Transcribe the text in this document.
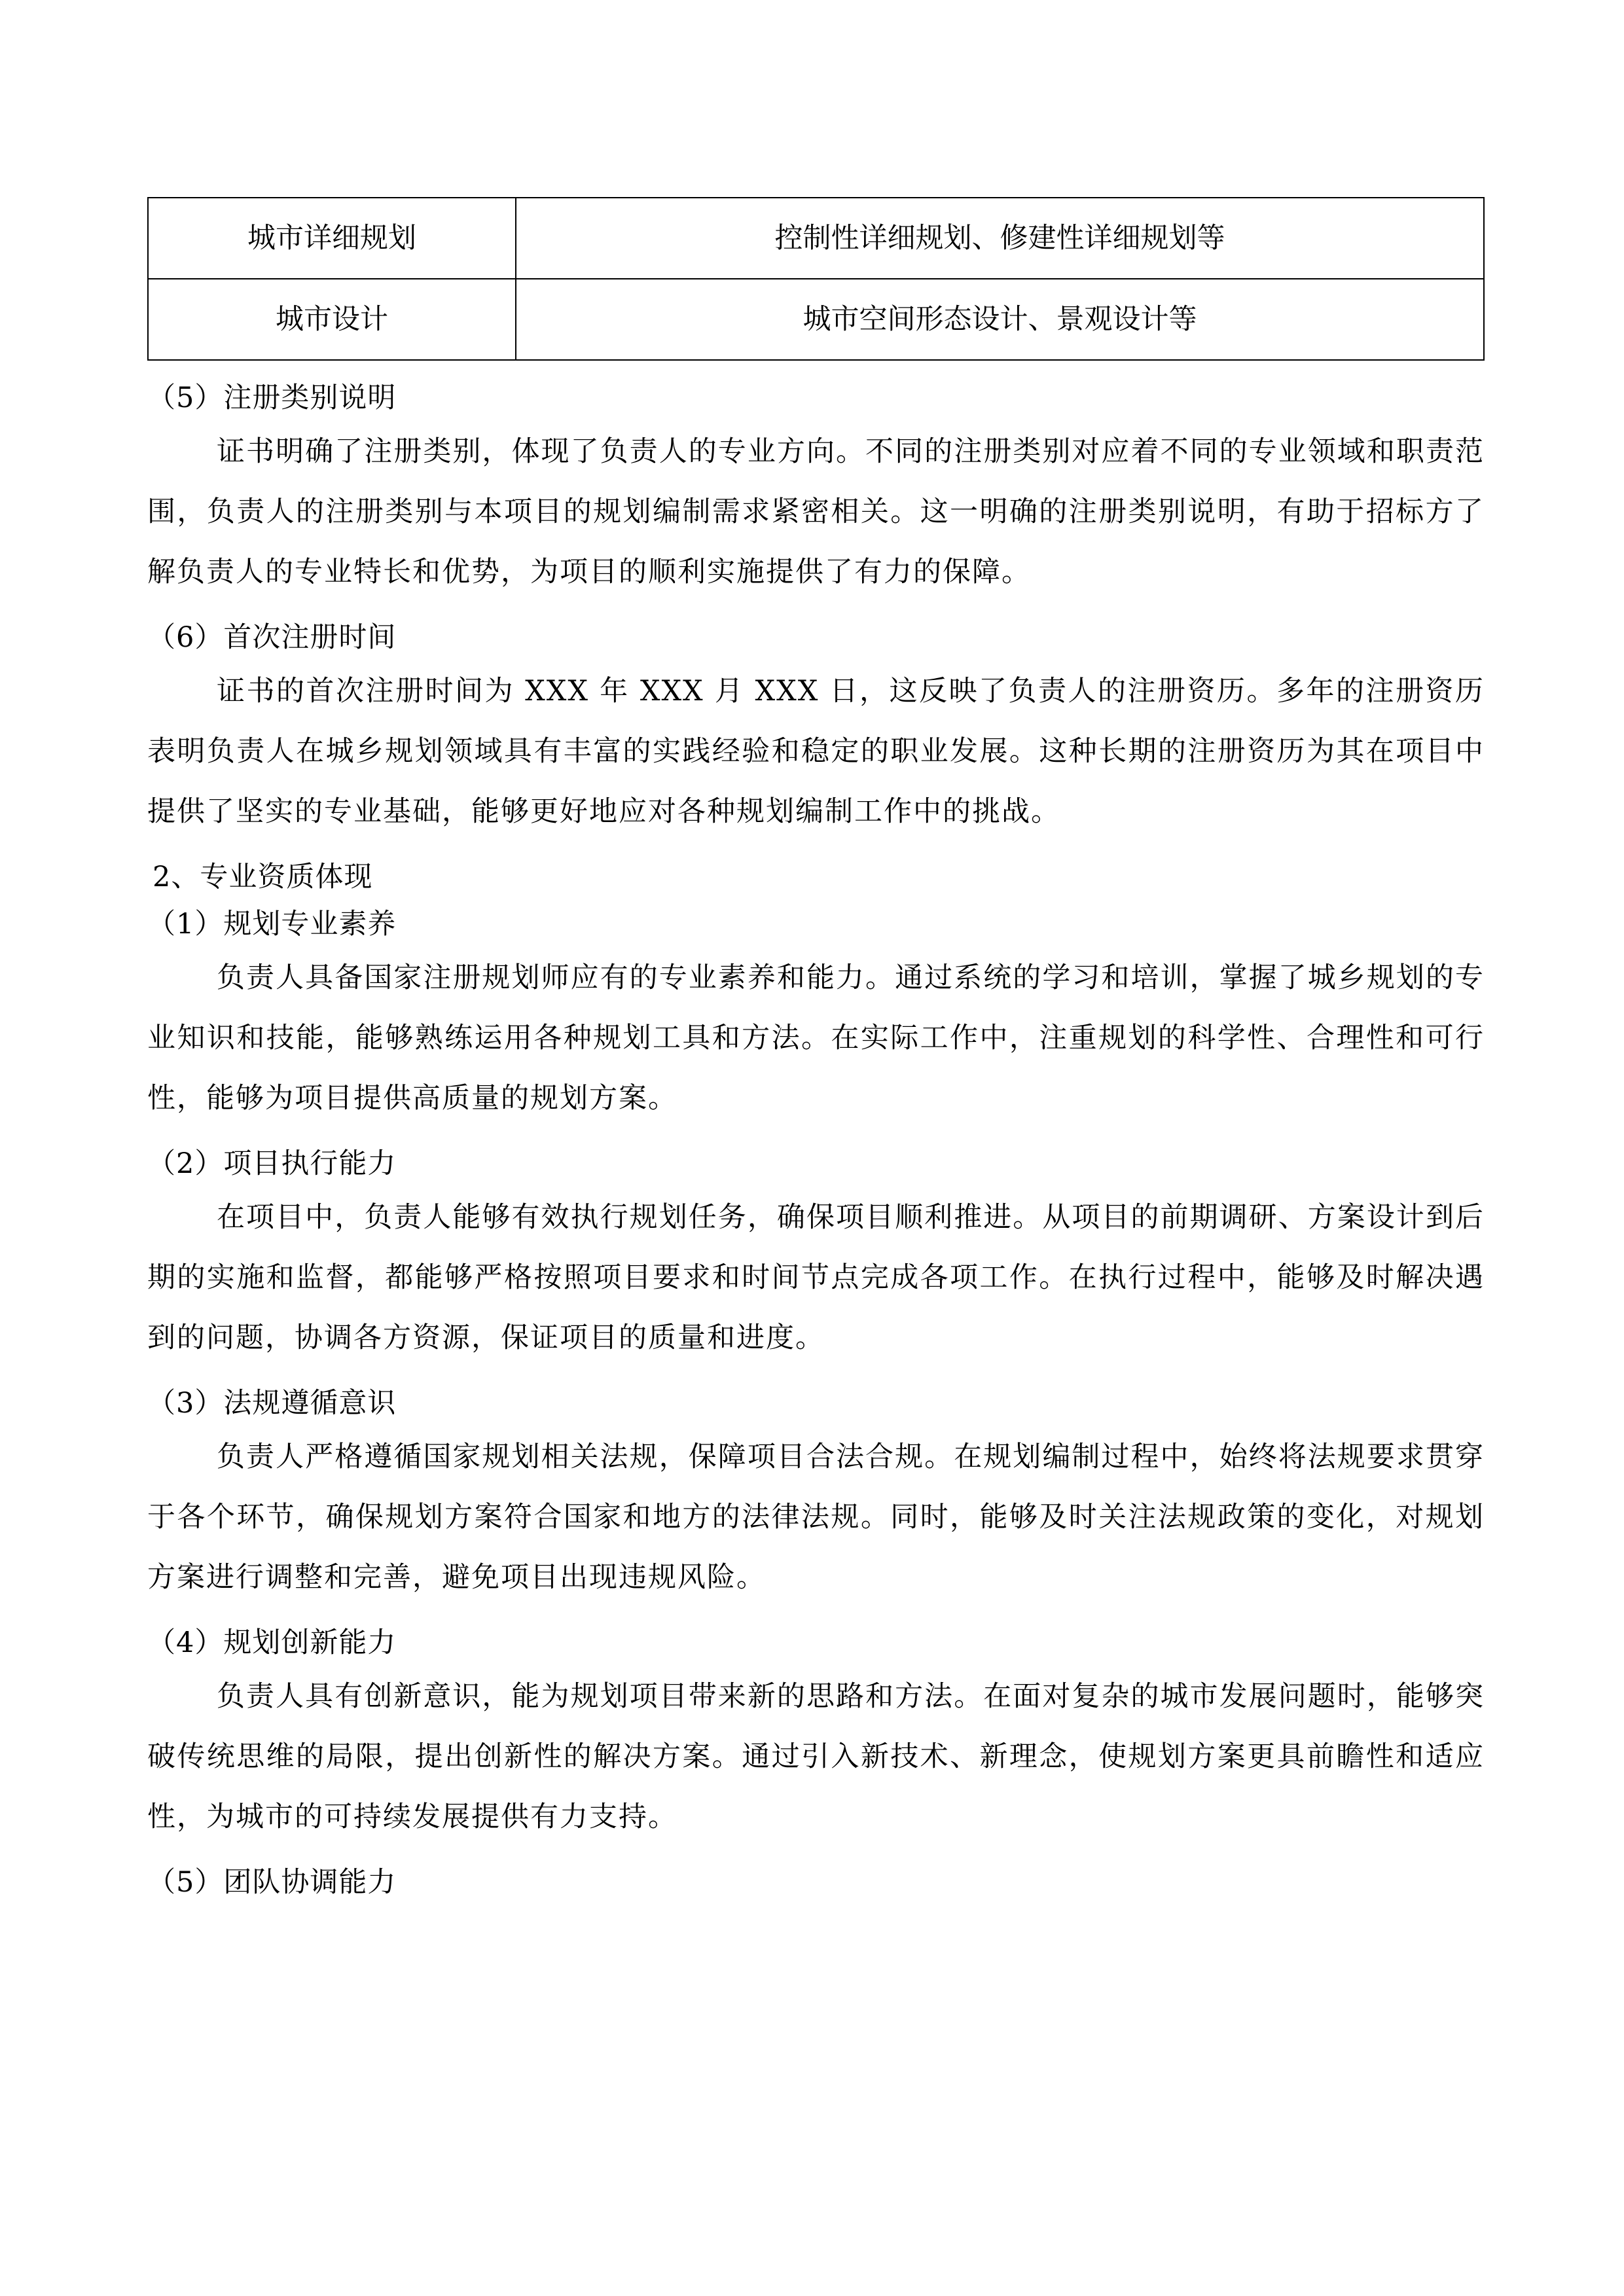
城市详细规划	控制性详细规划、修建性详细规划等
城市设计	城市空间形态设计、景观设计等
（5）注册类别说明

证书明确了注册类别，体现了负责人的专业方向。不同的注册类别对应着不同的专业领域和职责范围，负责人的注册类别与本项目的规划编制需求紧密相关。这一明确的注册类别说明，有助于招标方了解负责人的专业特长和优势，为项目的顺利实施提供了有力的保障。

（6）首次注册时间

证书的首次注册时间为 XXX 年 XXX 月 XXX 日，这反映了负责人的注册资历。多年的注册资历表明负责人在城乡规划领域具有丰富的实践经验和稳定的职业发展。这种长期的注册资历为其在项目中提供了坚实的专业基础，能够更好地应对各种规划编制工作中的挑战。

2、专业资质体现
（1）规划专业素养

负责人具备国家注册规划师应有的专业素养和能力。通过系统的学习和培训，掌握了城乡规划的专业知识和技能，能够熟练运用各种规划工具和方法。在实际工作中，注重规划的科学性、合理性和可行性，能够为项目提供高质量的规划方案。

（2）项目执行能力

在项目中，负责人能够有效执行规划任务，确保项目顺利推进。从项目的前期调研、方案设计到后期的实施和监督，都能够严格按照项目要求和时间节点完成各项工作。在执行过程中，能够及时解决遇到的问题，协调各方资源，保证项目的质量和进度。

（3）法规遵循意识

负责人严格遵循国家规划相关法规，保障项目合法合规。在规划编制过程中，始终将法规要求贯穿于各个环节，确保规划方案符合国家和地方的法律法规。同时，能够及时关注法规政策的变化，对规划方案进行调整和完善，避免项目出现违规风险。

（4）规划创新能力

负责人具有创新意识，能为规划项目带来新的思路和方法。在面对复杂的城市发展问题时，能够突破传统思维的局限，提出创新性的解决方案。通过引入新技术、新理念，使规划方案更具前瞻性和适应性，为城市的可持续发展提供有力支持。

（5）团队协调能力
